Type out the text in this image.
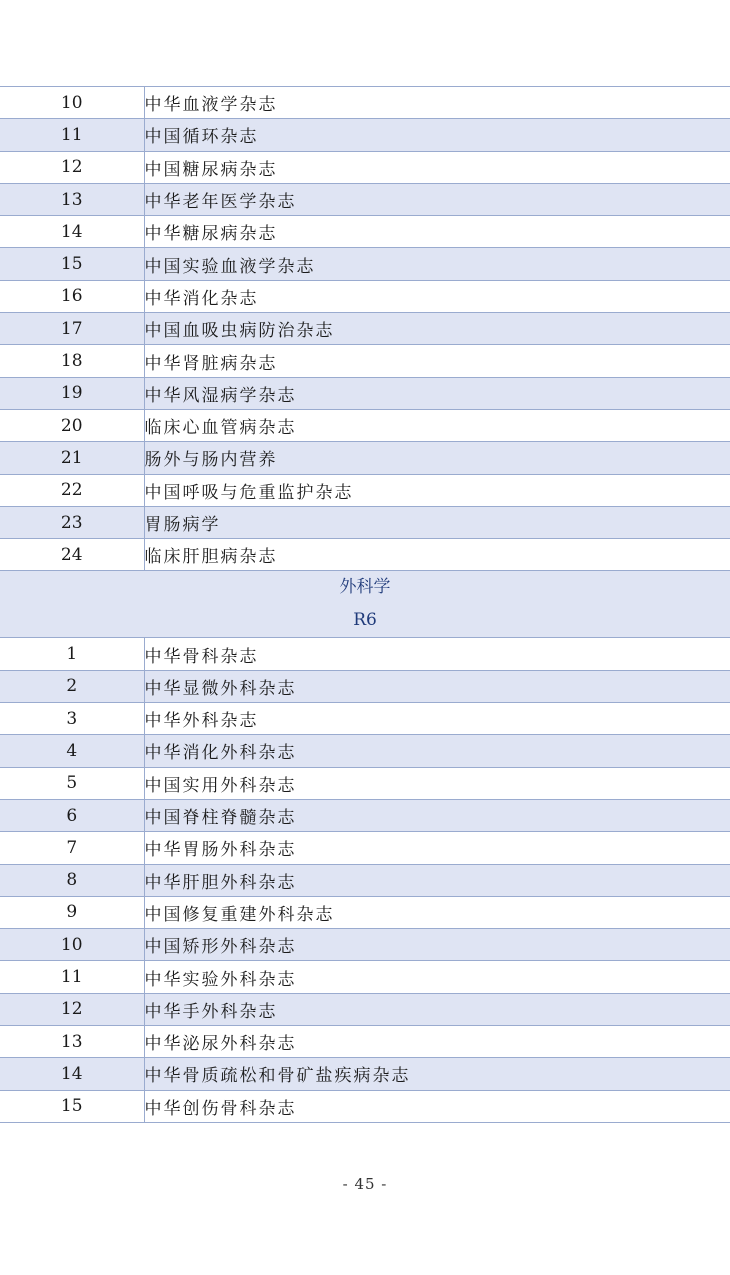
10	中华血液学杂志
11	中国循环杂志
12	中国糖尿病杂志
13	中华老年医学杂志
14	中华糖尿病杂志
15	中国实验血液学杂志
16	中华消化杂志
17	中国血吸虫病防治杂志
18	中华肾脏病杂志
19	中华风湿病学杂志
20	临床心血管病杂志
21	肠外与肠内营养
22	中国呼吸与危重监护杂志
23	胃肠病学
24	临床肝胆病杂志

外科学
R6	

1	中华骨科杂志
2	中华显微外科杂志
3	中华外科杂志
4	中华消化外科杂志
5	中国实用外科杂志
6	中国脊柱脊髓杂志
7	中华胃肠外科杂志
8	中华肝胆外科杂志
9	中国修复重建外科杂志
10	中国矫形外科杂志
11	中华实验外科杂志
12	中华手外科杂志
13	中华泌尿外科杂志
14	中华骨质疏松和骨矿盐疾病杂志
15	中华创伤骨科杂志
- 45 -
